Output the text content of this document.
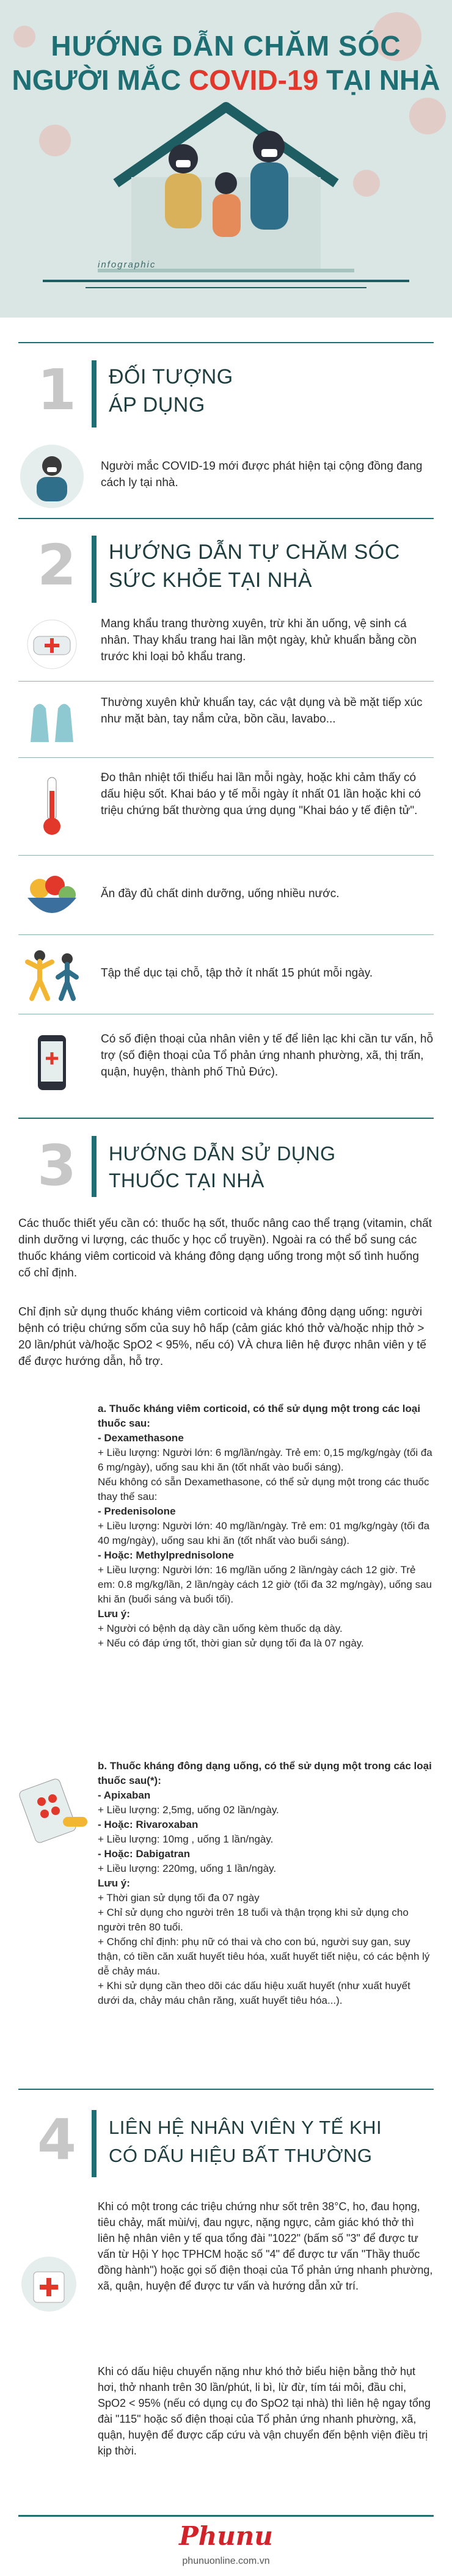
HƯỚNG DẪN CHĂM SÓC
NGƯỜI MẮC COVID-19 TẠI NHÀ
infographic
1	ĐỐI TƯỢNG
ÁP DỤNG
Người mắc COVID-19 mới được phát hiện tại cộng đồng đang cách ly tại nhà.
2	HƯỚNG DẪN TỰ CHĂM SÓC
SỨC KHỎE TẠI NHÀ
Mang khẩu trang thường xuyên, trừ khi ăn uống, vệ sinh cá nhân. Thay khẩu trang hai lần một ngày, khử khuẩn bằng cồn trước khi loại bỏ khẩu trang.
Thường xuyên khử khuẩn tay, các vật dụng và bề mặt tiếp xúc như mặt bàn, tay nắm cửa, bồn cầu, lavabo...
Đo thân nhiệt tối thiểu hai lần mỗi ngày, hoặc khi cảm thấy có dấu hiệu sốt. Khai báo y tế mỗi ngày ít nhất 01 lần hoặc khi có triệu chứng bất thường qua ứng dụng "Khai báo y tế điện tử".
Ăn đầy đủ chất dinh dưỡng, uống nhiều nước.
Tập thể dục tại chỗ, tập thở ít nhất 15 phút mỗi ngày.
Có số điện thoại của nhân viên y tế để liên lạc khi cần tư vấn, hỗ trợ (số điện thoại của Tổ phản ứng nhanh phường, xã, thị trấn, quận, huyện, thành phố Thủ Đức).
3	HƯỚNG DẪN SỬ DỤNG
THUỐC TẠI NHÀ
Các thuốc thiết yếu cần có: thuốc hạ sốt, thuốc nâng cao thể trạng (vitamin, chất dinh dưỡng vi lượng, các thuốc y học cổ truyền). Ngoài ra có thể bổ sung các thuốc kháng viêm corticoid và kháng đông dạng uống trong một số tình huống cố chỉ định.
Chỉ định sử dụng thuốc kháng viêm corticoid và kháng đông dạng uống: người bệnh có triệu chứng sốm của suy hô hấp (cảm giác khó thở và/hoặc nhịp thở > 20 lần/phút và/hoặc SpO2 < 95%, nếu có) VÀ chưa liên hệ được nhân viên y tế để được hướng dẫn, hỗ trợ.
a. Thuốc kháng viêm corticoid, có thể sử dụng một trong các loại thuốc sau:
- Dexamethasone
+ Liều lượng: Người lớn: 6 mg/lần/ngày. Trẻ em: 0,15 mg/kg/ngày (tối đa 6 mg/ngày), uống sau khi ăn (tốt nhất vào buổi sáng).
Nếu không có sẵn Dexamethasone, có thể sử dụng một trong các thuốc thay thế sau:
- Predenisolone
+ Liều lượng: Người lớn: 40 mg/lần/ngày. Trẻ em: 01 mg/kg/ngày (tối đa 40 mg/ngày), uống sau khi ăn (tốt nhất vào buổi sáng).
- Hoặc: Methylprednisolone
+ Liều lượng: Người lớn: 16 mg/lần uống 2 lần/ngày cách 12 giờ. Trẻ em: 0.8 mg/kg/lần, 2 lần/ngày cách 12 giờ (tối đa 32 mg/ngày), uống sau khi ăn (buổi sáng và buổi tối).
Lưu ý:
+ Người có bệnh dạ dày cần uống kèm thuốc dạ dày.
+ Nếu có đáp ứng tốt, thời gian sử dụng tối đa là 07 ngày.
b. Thuốc kháng đông dạng uống, có thể sử dụng một trong các loại thuốc sau(*):
- Apixaban
+ Liều lượng: 2,5mg, uống 02 lần/ngày.
- Hoặc: Rivaroxaban
+ Liều lượng: 10mg , uống 1 lần/ngày.
- Hoặc: Dabigatran
+ Liều lượng: 220mg, uống 1 lần/ngày.
Lưu ý:
+ Thời gian sử dụng tối đa 07 ngày
+ Chỉ sử dụng cho người trên 18 tuổi và thận trọng khi sử dụng cho người trên 80 tuổi.
+ Chống chỉ định: phụ nữ có thai và cho con bú, người suy gan, suy thận, có tiền căn xuất huyết tiêu hóa, xuất huyết tiết niệu, có các bệnh lý dễ chảy máu.
+ Khi sử dụng cần theo dõi các dấu hiệu xuất huyết (như xuất huyết dưới da, chảy máu chân răng, xuất huyết tiêu hóa...).
4	LIÊN HỆ NHÂN VIÊN Y TẾ KHI
CÓ DẤU HIỆU BẤT THƯỜNG
Khi có một trong các triệu chứng như sốt trên 38°C, ho, đau họng, tiêu chảy, mất mùi/vị, đau ngực, nặng ngực, cảm giác khó thở thì liên hệ nhân viên y tế qua tổng đài "1022" (bấm số "3" để được tư vấn từ Hội Y học TPHCM hoặc số "4" để được tư vấn "Thầy thuốc đồng hành") hoặc gọi số điện thoại của Tổ phản ứng nhanh phường, xã, quận, huyện để được tư vấn và hướng dẫn xử trí.
Khi có dấu hiệu chuyển nặng như khó thở biểu hiện bằng thở hụt hơi, thở nhanh trên 30 lần/phút, li bì, lừ đừ, tím tái môi, đầu chi, SpO2 < 95% (nếu có dụng cụ đo SpO2 tại nhà) thì liên hệ ngay tổng đài "115" hoặc số điện thoại của Tổ phản ứng nhanh phường, xã, quận, huyện để được cấp cứu và vận chuyển đến bệnh viện điều trị kịp thời.
Phunu
phunuonline.com.vn
